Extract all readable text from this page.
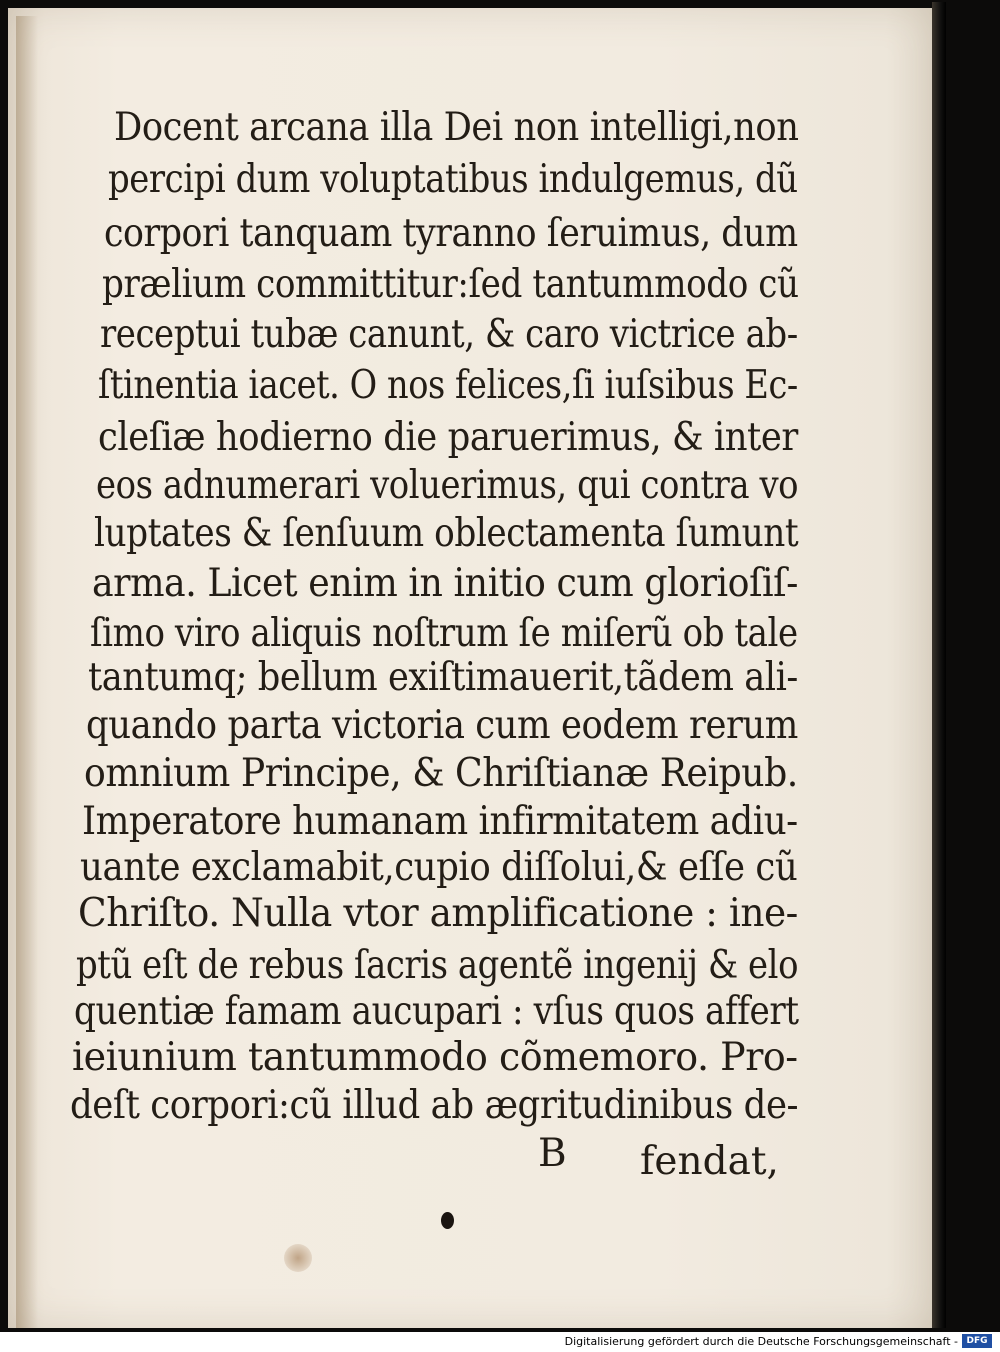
Docent arcana illa Dei non intelligi,non
percipi dum voluptatibus indulgemus, dũ
corpori tanquam tyranno ſeruimus, dum
prælium committitur:ſed tantummodo cũ
receptui tubæ canunt, & caro victrice ab-
ſtinentia iacet. O nos felices,ſi iuſsibus Ec-
cleſiæ hodierno die paruerimus, & inter
eos adnumerari voluerimus, qui contra vo
luptates & ſenſuum oblectamenta ſumunt
arma. Licet enim in initio cum glorioſiſ-
ſimo viro aliquis noſtrum ſe miſerũ ob tale
tantumq; bellum exiſtimauerit,tãdem ali-
quando parta victoria cum eodem rerum
omnium Principe, & Chriſtianæ Reipub.
Imperatore humanam infirmitatem adiu-
uante exclamabit,cupio diſſolui,& eſſe cũ
Chriſto. Nulla vtor amplificatione : ine-
ptũ eſt de rebus ſacris agentẽ ingenij & elo
quentiæ famam aucupari : vſus quos affert
ieiunium tantummodo cõmemoro. Pro-
deſt corpori:cũ illud ab ægritudinibus de-
B fendat,
Digitalisierung gefördert durch die Deutsche Forschungsgemeinschaft - DFG
